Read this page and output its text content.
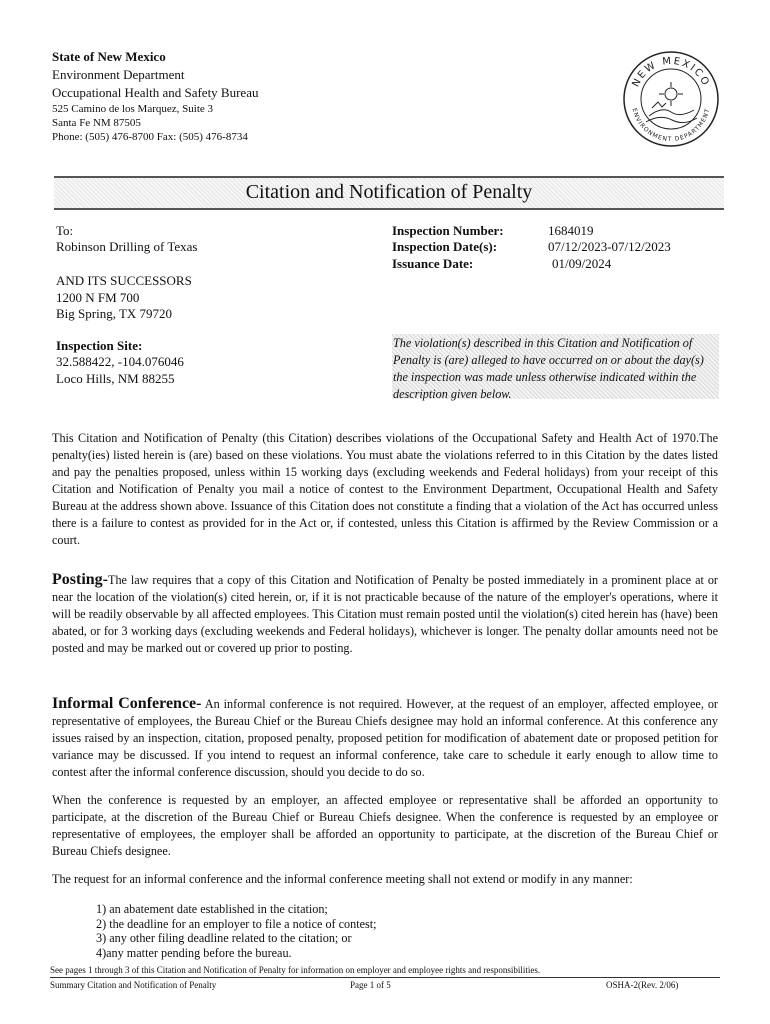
State of New Mexico
Environment Department
Occupational Health and Safety Bureau
525 Camino de los Marquez, Suite 3
Santa Fe NM 87505
Phone: (505) 476-8700 Fax: (505) 476-8734
NEW MEXICO
ENVIRONMENT DEPARTMENT
Citation and Notification of Penalty
To:
Robinson Drilling of Texas
AND ITS SUCCESSORS
1200 N FM 700
Big Spring, TX 79720
Inspection Number:	1684019
Inspection Date(s):	07/12/2023-07/12/2023
Issuance Date:	01/09/2024
Inspection Site:
32.588422, -104.076046
Loco Hills, NM 88255
The violation(s) described in this Citation and Notification of Penalty is (are) alleged to have occurred on or about the day(s) the inspection was made unless otherwise indicated within the description given below.
This Citation and Notification of Penalty (this Citation) describes violations of the Occupational Safety and Health Act of 1970.The penalty(ies) listed herein is (are) based on these violations. You must abate the violations referred to in this Citation by the dates listed and pay the penalties proposed, unless within 15 working days (excluding weekends and Federal holidays) from your receipt of this Citation and Notification of Penalty you mail a notice of contest to the Environment Department, Occupational Health and Safety Bureau at the address shown above. Issuance of this Citation does not constitute a finding that a violation of the Act has occurred unless there is a failure to contest as provided for in the Act or, if contested, unless this Citation is affirmed by the Review Commission or a court.
Posting-The law requires that a copy of this Citation and Notification of Penalty be posted immediately in a prominent place at or near the location of the violation(s) cited herein, or, if it is not practicable because of the nature of the employer's operations, where it will be readily observable by all affected employees. This Citation must remain posted until the violation(s) cited herein has (have) been abated, or for 3 working days (excluding weekends and Federal holidays), whichever is longer. The penalty dollar amounts need not be posted and may be marked out or covered up prior to posting.
Informal Conference- An informal conference is not required. However, at the request of an employer, affected employee, or representative of employees, the Bureau Chief or the Bureau Chiefs designee may hold an informal conference. At this conference any issues raised by an inspection, citation, proposed penalty, proposed petition for modification of abatement date or proposed petition for variance may be discussed. If you intend to request an informal conference, take care to schedule it early enough to allow time to contest after the informal conference discussion, should you decide to do so.
When the conference is requested by an employer, an affected employee or representative shall be afforded an opportunity to participate, at the discretion of the Bureau Chief or Bureau Chiefs designee. When the conference is requested by an employee or representative of employees, the employer shall be afforded an opportunity to participate, at the discretion of the Bureau Chief or Bureau Chiefs designee.
The request for an informal conference and the informal conference meeting shall not extend or modify in any manner:
1) an abatement date established in the citation;
2) the deadline for an employer to file a notice of contest;
3) any other filing deadline related to the citation; or
4)any matter pending before the bureau.
See pages 1 through 3 of this Citation and Notification of Penalty for information on employer and employee rights and responsibilities.
Summary Citation and Notification of Penalty	Page 1 of 5	OSHA-2(Rev. 2/06)
